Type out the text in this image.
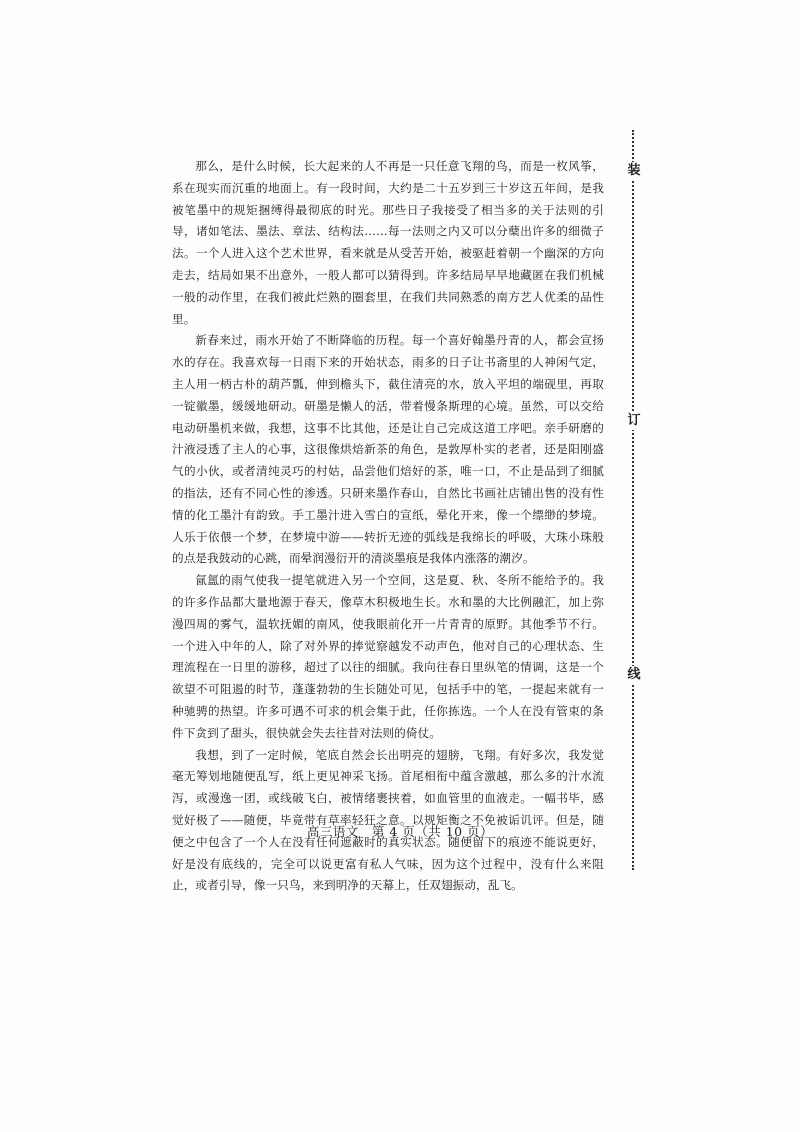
那么，是什么时候，长大起来的人不再是一只任意飞翔的鸟，而是一枚风筝，系在现实而沉重的地面上。有一段时间，大约是二十五岁到三十岁这五年间，是我被笔墨中的规矩捆缚得最彻底的时光。那些日子我接受了相当多的关于法则的引导，诸如笔法、墨法、章法、结构法……每一法则之内又可以分蘖出许多的细微子法。一个人进入这个艺术世界，看来就是从受苦开始，被驱赶着朝一个幽深的方向走去，结局如果不出意外，一般人都可以猜得到。许多结局早早地藏匿在我们机械一般的动作里，在我们被此烂熟的圈套里，在我们共同熟悉的南方艺人优柔的品性里。

新春来过，雨水开始了不断降临的历程。每一个喜好翰墨丹青的人，都会宣扬水的存在。我喜欢每一日雨下来的开始状态，雨多的日子让书斋里的人神闲气定，主人用一柄古朴的葫芦瓢，伸到檐头下，截住清亮的水，放入平坦的端砚里，再取一锭徽墨，缓缓地研动。研墨是懒人的活，带着慢条斯理的心境。虽然，可以交给电动研墨机来做，我想，这事不比其他，还是让自己完成这道工序吧。亲手研磨的汁液浸透了主人的心事，这很像烘焙新茶的角色，是敦厚朴实的老者，还是阳刚盛气的小伙，或者清纯灵巧的村姑，品尝他们焙好的茶，唯一口，不止是品到了细腻的指法，还有不同心性的渗透。只研来墨作春山，自然比书画社店铺出售的没有性情的化工墨汁有韵致。手工墨汁进入雪白的宣纸，晕化开来，像一个缥缈的梦境。人乐于依偎一个梦，在梦境中游——转折无迹的弧线是我绵长的呼吸，大珠小珠般的点是我鼓动的心跳，而晕润漫衍开的清淡墨痕是我体内涨落的潮汐。

氤氲的雨气使我一提笔就进入另一个空间，这是夏、秋、冬所不能给予的。我的许多作品都大量地源于春天，像草木积极地生长。水和墨的大比例融汇，加上弥漫四周的雾气，温软抚媚的南风，使我眼前化开一片青青的原野。其他季节不行。一个进入中年的人，除了对外界的捧觉察越发不动声色，他对自己的心理状态、生理流程在一日里的游移，超过了以往的细腻。我向往春日里纵笔的情调，这是一个欲望不可阻遏的时节，蓬蓬勃勃的生长随处可见，包括手中的笔，一提起来就有一种驰骋的热望。许多可遇不可求的机会集于此，任你拣选。一个人在没有管束的条件下贪到了甜头，很快就会失去往昔对法则的倚仗。

我想，到了一定时候，笔底自然会长出明亮的翅膀，飞翔。有好多次，我发觉毫无筹划地随便乱写，纸上更见神采飞扬。首尾相衔中蕴含激越，那么多的汁水流泻，或漫逸一团，或线破飞白，被情绪裹挟着，如血管里的血液走。一幅书毕，感觉好极了——随便，毕竟带有草率轻狂之意。以规矩衡之不免被诟讥评。但是，随便之中包含了一个人在没有任何遮蔽时的真实状态。随便留下的痕迹不能说更好，好是没有底线的，完全可以说更富有私人气味，因为这个过程中，没有什么来阻止，或者引导，像一只鸟，来到明净的天幕上，任双翅振动，乱飞。

高三语文　第 4 页（共 10 页）
装
订
线
